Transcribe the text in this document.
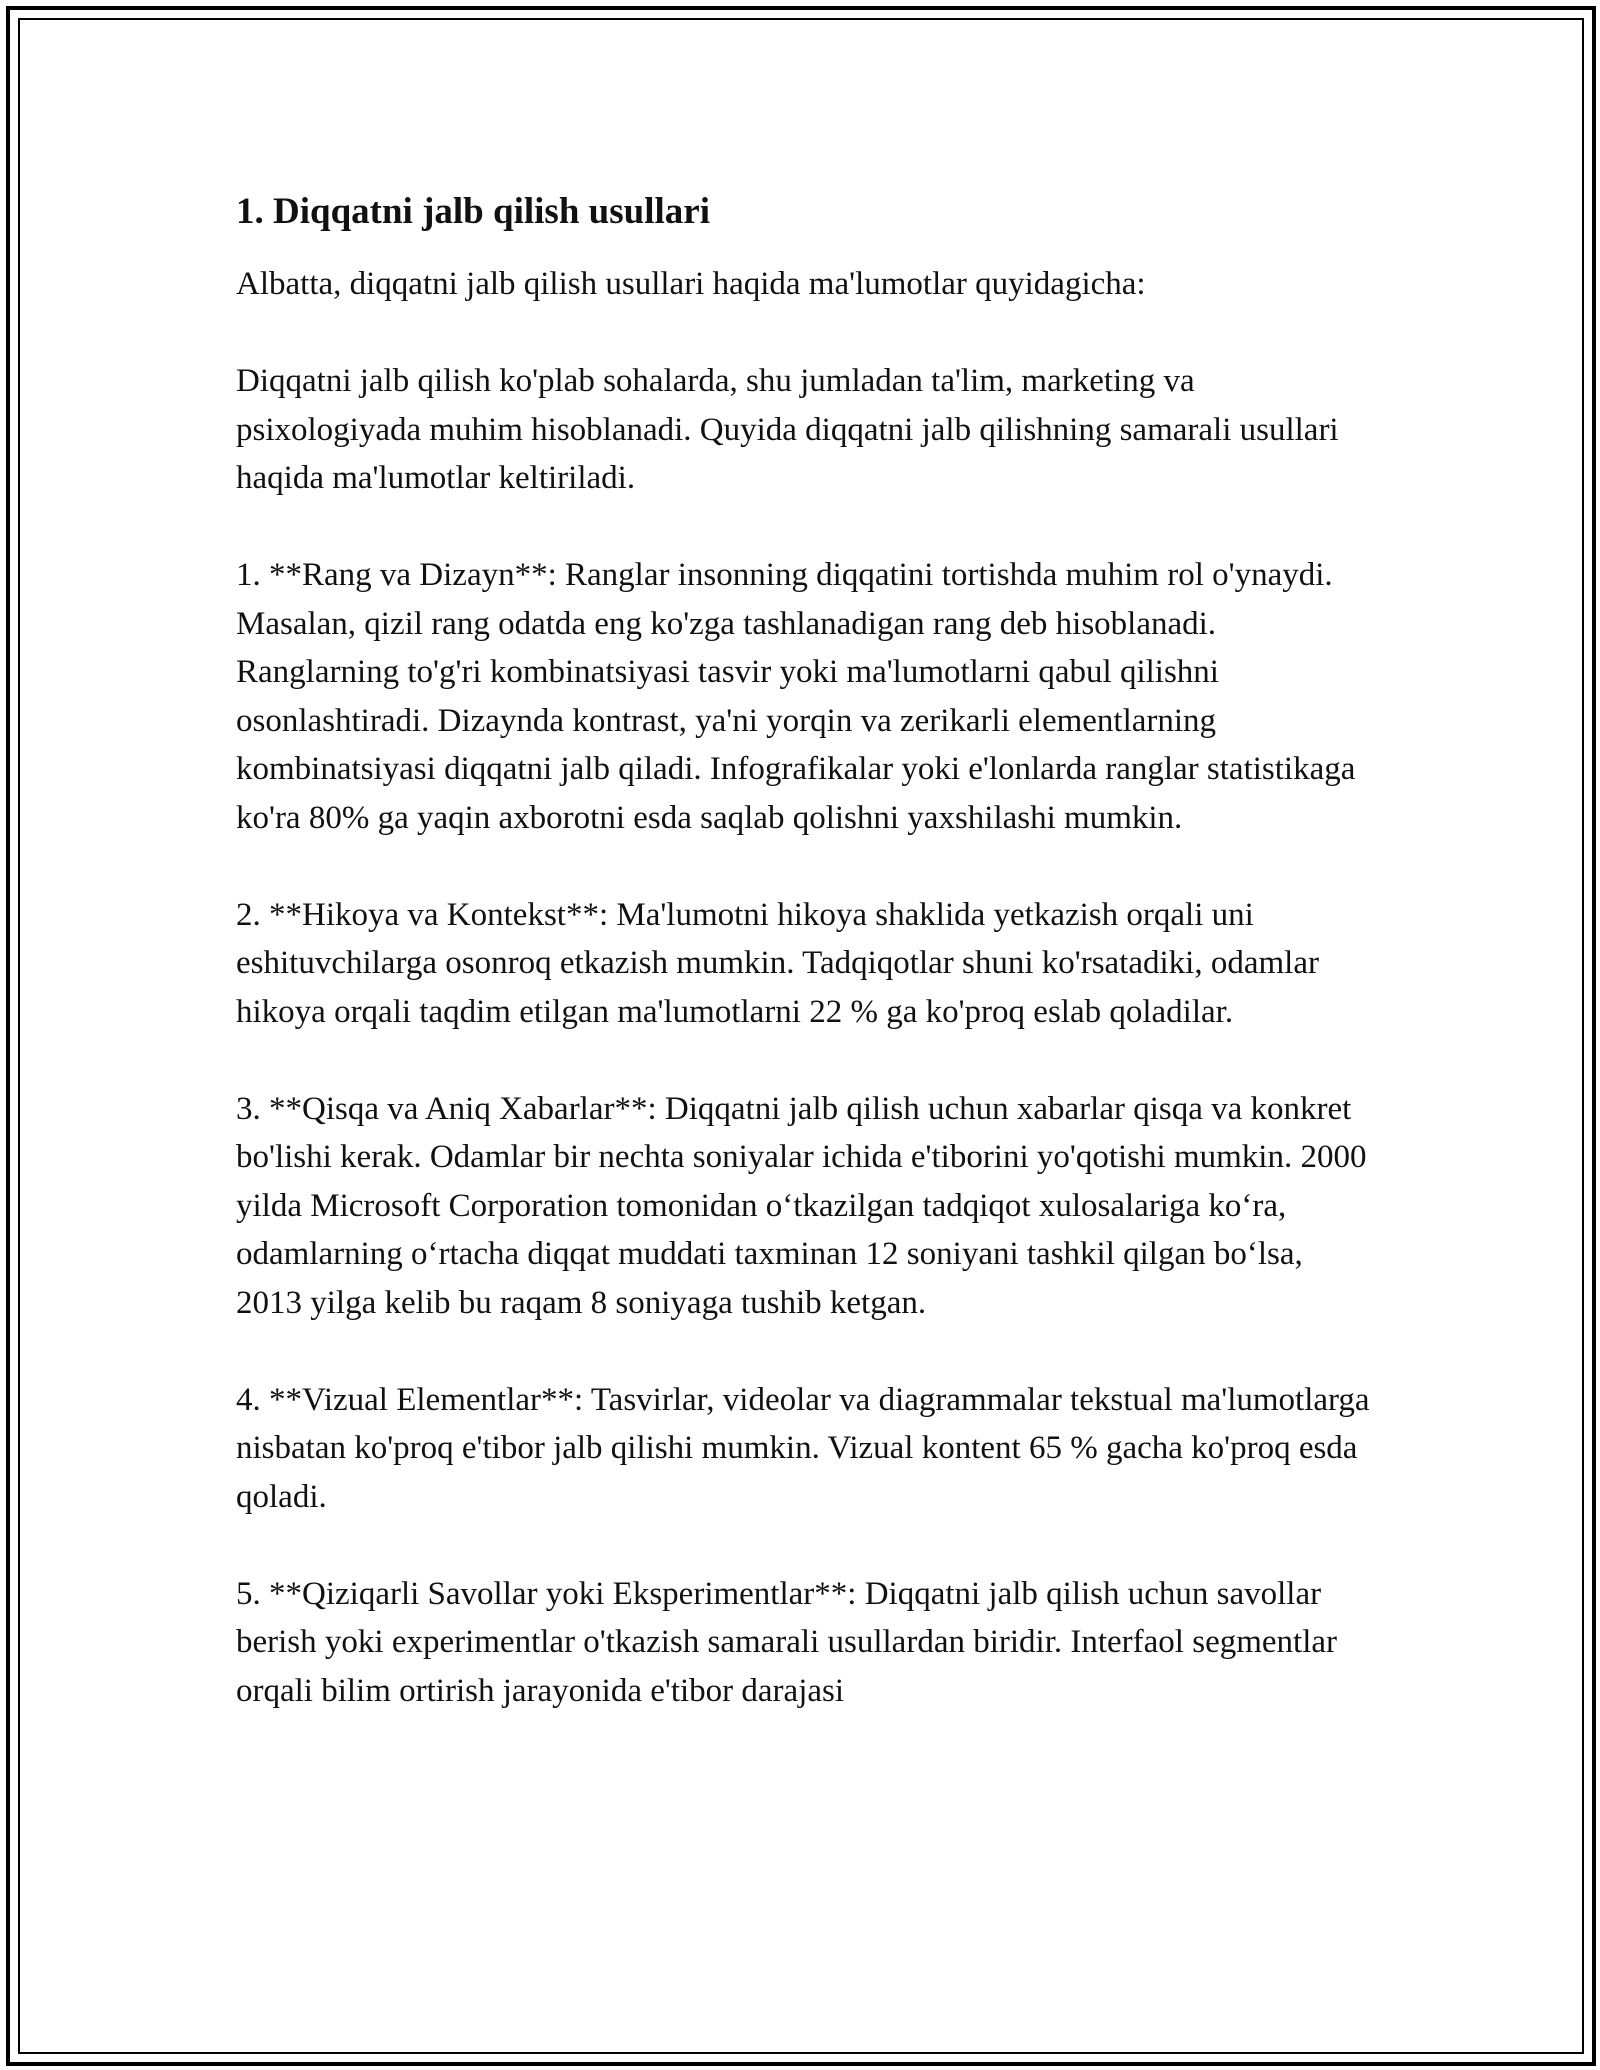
1. Diqqatni jalb qilish usullari

Albatta, diqqatni jalb qilish usullari haqida ma'lumotlar quyidagicha:

Diqqatni jalb qilish ko'plab sohalarda, shu jumladan ta'lim, marketing va psixologiyada muhim hisoblanadi. Quyida diqqatni jalb qilishning samarali usullari haqida ma'lumotlar keltiriladi.

1. **Rang va Dizayn**: Ranglar insonning diqqatini tortishda muhim rol o'ynaydi. Masalan, qizil rang odatda eng ko'zga tashlanadigan rang deb hisoblanadi. Ranglarning to'g'ri kombinatsiyasi tasvir yoki ma'lumotlarni qabul qilishni osonlashtiradi. Dizaynda kontrast, ya'ni yorqin va zerikarli elementlarning kombinatsiyasi diqqatni jalb qiladi. Infografikalar yoki e'lonlarda ranglar statistikaga ko'ra 80% ga yaqin axborotni esda saqlab qolishni yaxshilashi mumkin.

2. **Hikoya va Kontekst**: Ma'lumotni hikoya shaklida yetkazish orqali uni eshituvchilarga osonroq etkazish mumkin. Tadqiqotlar shuni ko'rsatadiki, odamlar hikoya orqali taqdim etilgan ma'lumotlarni 22 % ga ko'proq eslab qoladilar.

3. **Qisqa va Aniq Xabarlar**: Diqqatni jalb qilish uchun xabarlar qisqa va konkret bo'lishi kerak. Odamlar bir nechta soniyalar ichida e'tiborini yo'qotishi mumkin. 2000 yilda Microsoft Corporation tomonidan o‘tkazilgan tadqiqot xulosalariga ko‘ra, odamlarning o‘rtacha diqqat muddati taxminan 12 soniyani tashkil qilgan bo‘lsa, 2013 yilga kelib bu raqam 8 soniyaga tushib ketgan.

4. **Vizual Elementlar**: Tasvirlar, videolar va diagrammalar tekstual ma'lumotlarga nisbatan ko'proq e'tibor jalb qilishi mumkin. Vizual kontent 65 % gacha ko'proq esda qoladi.

5. **Qiziqarli Savollar yoki Eksperimentlar**: Diqqatni jalb qilish uchun savollar berish yoki experimentlar o'tkazish samarali usullardan biridir. Interfaol segmentlar orqali bilim ortirish jarayonida e'tibor darajasi
